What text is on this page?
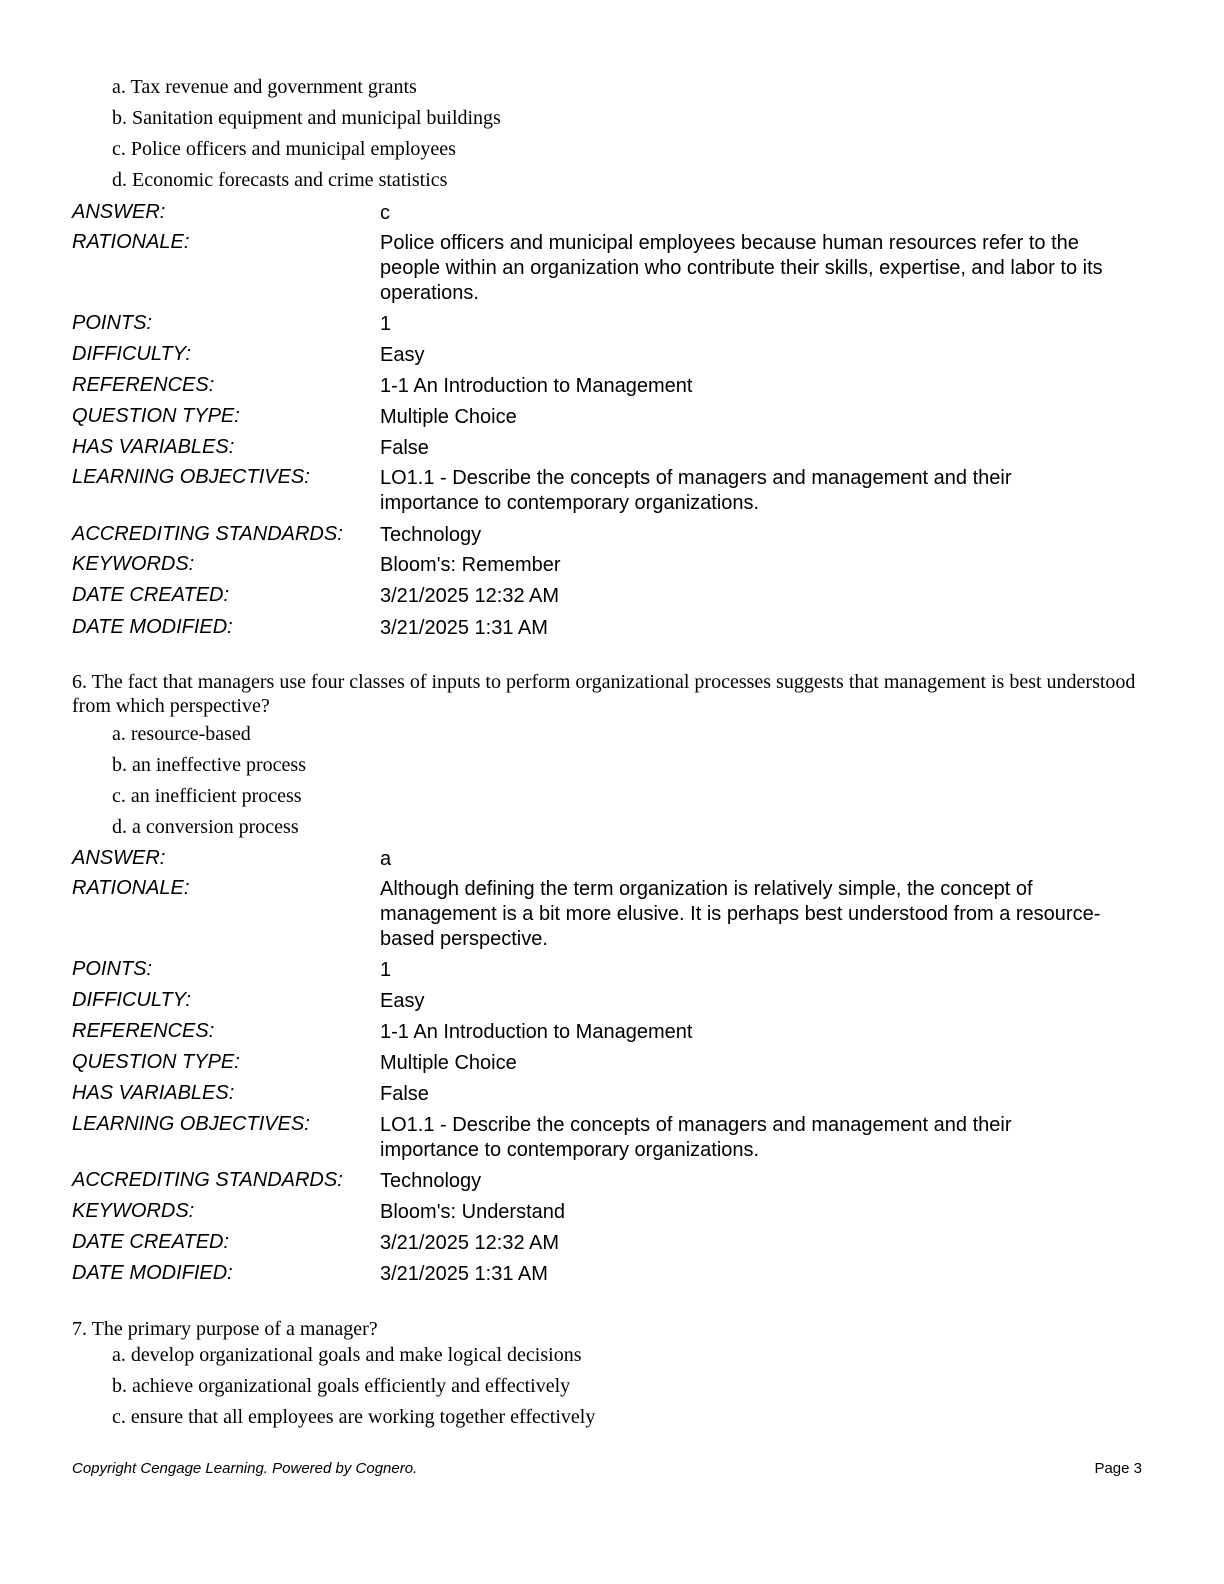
a. Tax revenue and government grants
b. Sanitation equipment and municipal buildings
c. Police officers and municipal employees
d. Economic forecasts and crime statistics
ANSWER:	c
RATIONALE:	Police officers and municipal employees because human resources refer to the people within an organization who contribute their skills, expertise, and labor to its operations.
POINTS:	1
DIFFICULTY:	Easy
REFERENCES:	1-1 An Introduction to Management
QUESTION TYPE:	Multiple Choice
HAS VARIABLES:	False
LEARNING OBJECTIVES:	LO1.1 - Describe the concepts of managers and management and their importance to contemporary organizations.
ACCREDITING STANDARDS: Technology
KEYWORDS:	Bloom's: Remember
DATE CREATED:	3/21/2025 12:32 AM
DATE MODIFIED:	3/21/2025 1:31 AM
6. The fact that managers use four classes of inputs to perform organizational processes suggests that management is best understood from which perspective?
a. resource-based
b. an ineffective process
c. an inefficient process
d. a conversion process
ANSWER:	a
RATIONALE:	Although defining the term organization is relatively simple, the concept of management is a bit more elusive. It is perhaps best understood from a resource-based perspective.
POINTS:	1
DIFFICULTY:	Easy
REFERENCES:	1-1 An Introduction to Management
QUESTION TYPE:	Multiple Choice
HAS VARIABLES:	False
LEARNING OBJECTIVES:	LO1.1 - Describe the concepts of managers and management and their importance to contemporary organizations.
ACCREDITING STANDARDS: Technology
KEYWORDS:	Bloom's: Understand
DATE CREATED:	3/21/2025 12:32 AM
DATE MODIFIED:	3/21/2025 1:31 AM
7. The primary purpose of a manager?
a. develop organizational goals and make logical decisions
b. achieve organizational goals efficiently and effectively
c. ensure that all employees are working together effectively
Copyright Cengage Learning. Powered by Cognero.	Page 3
